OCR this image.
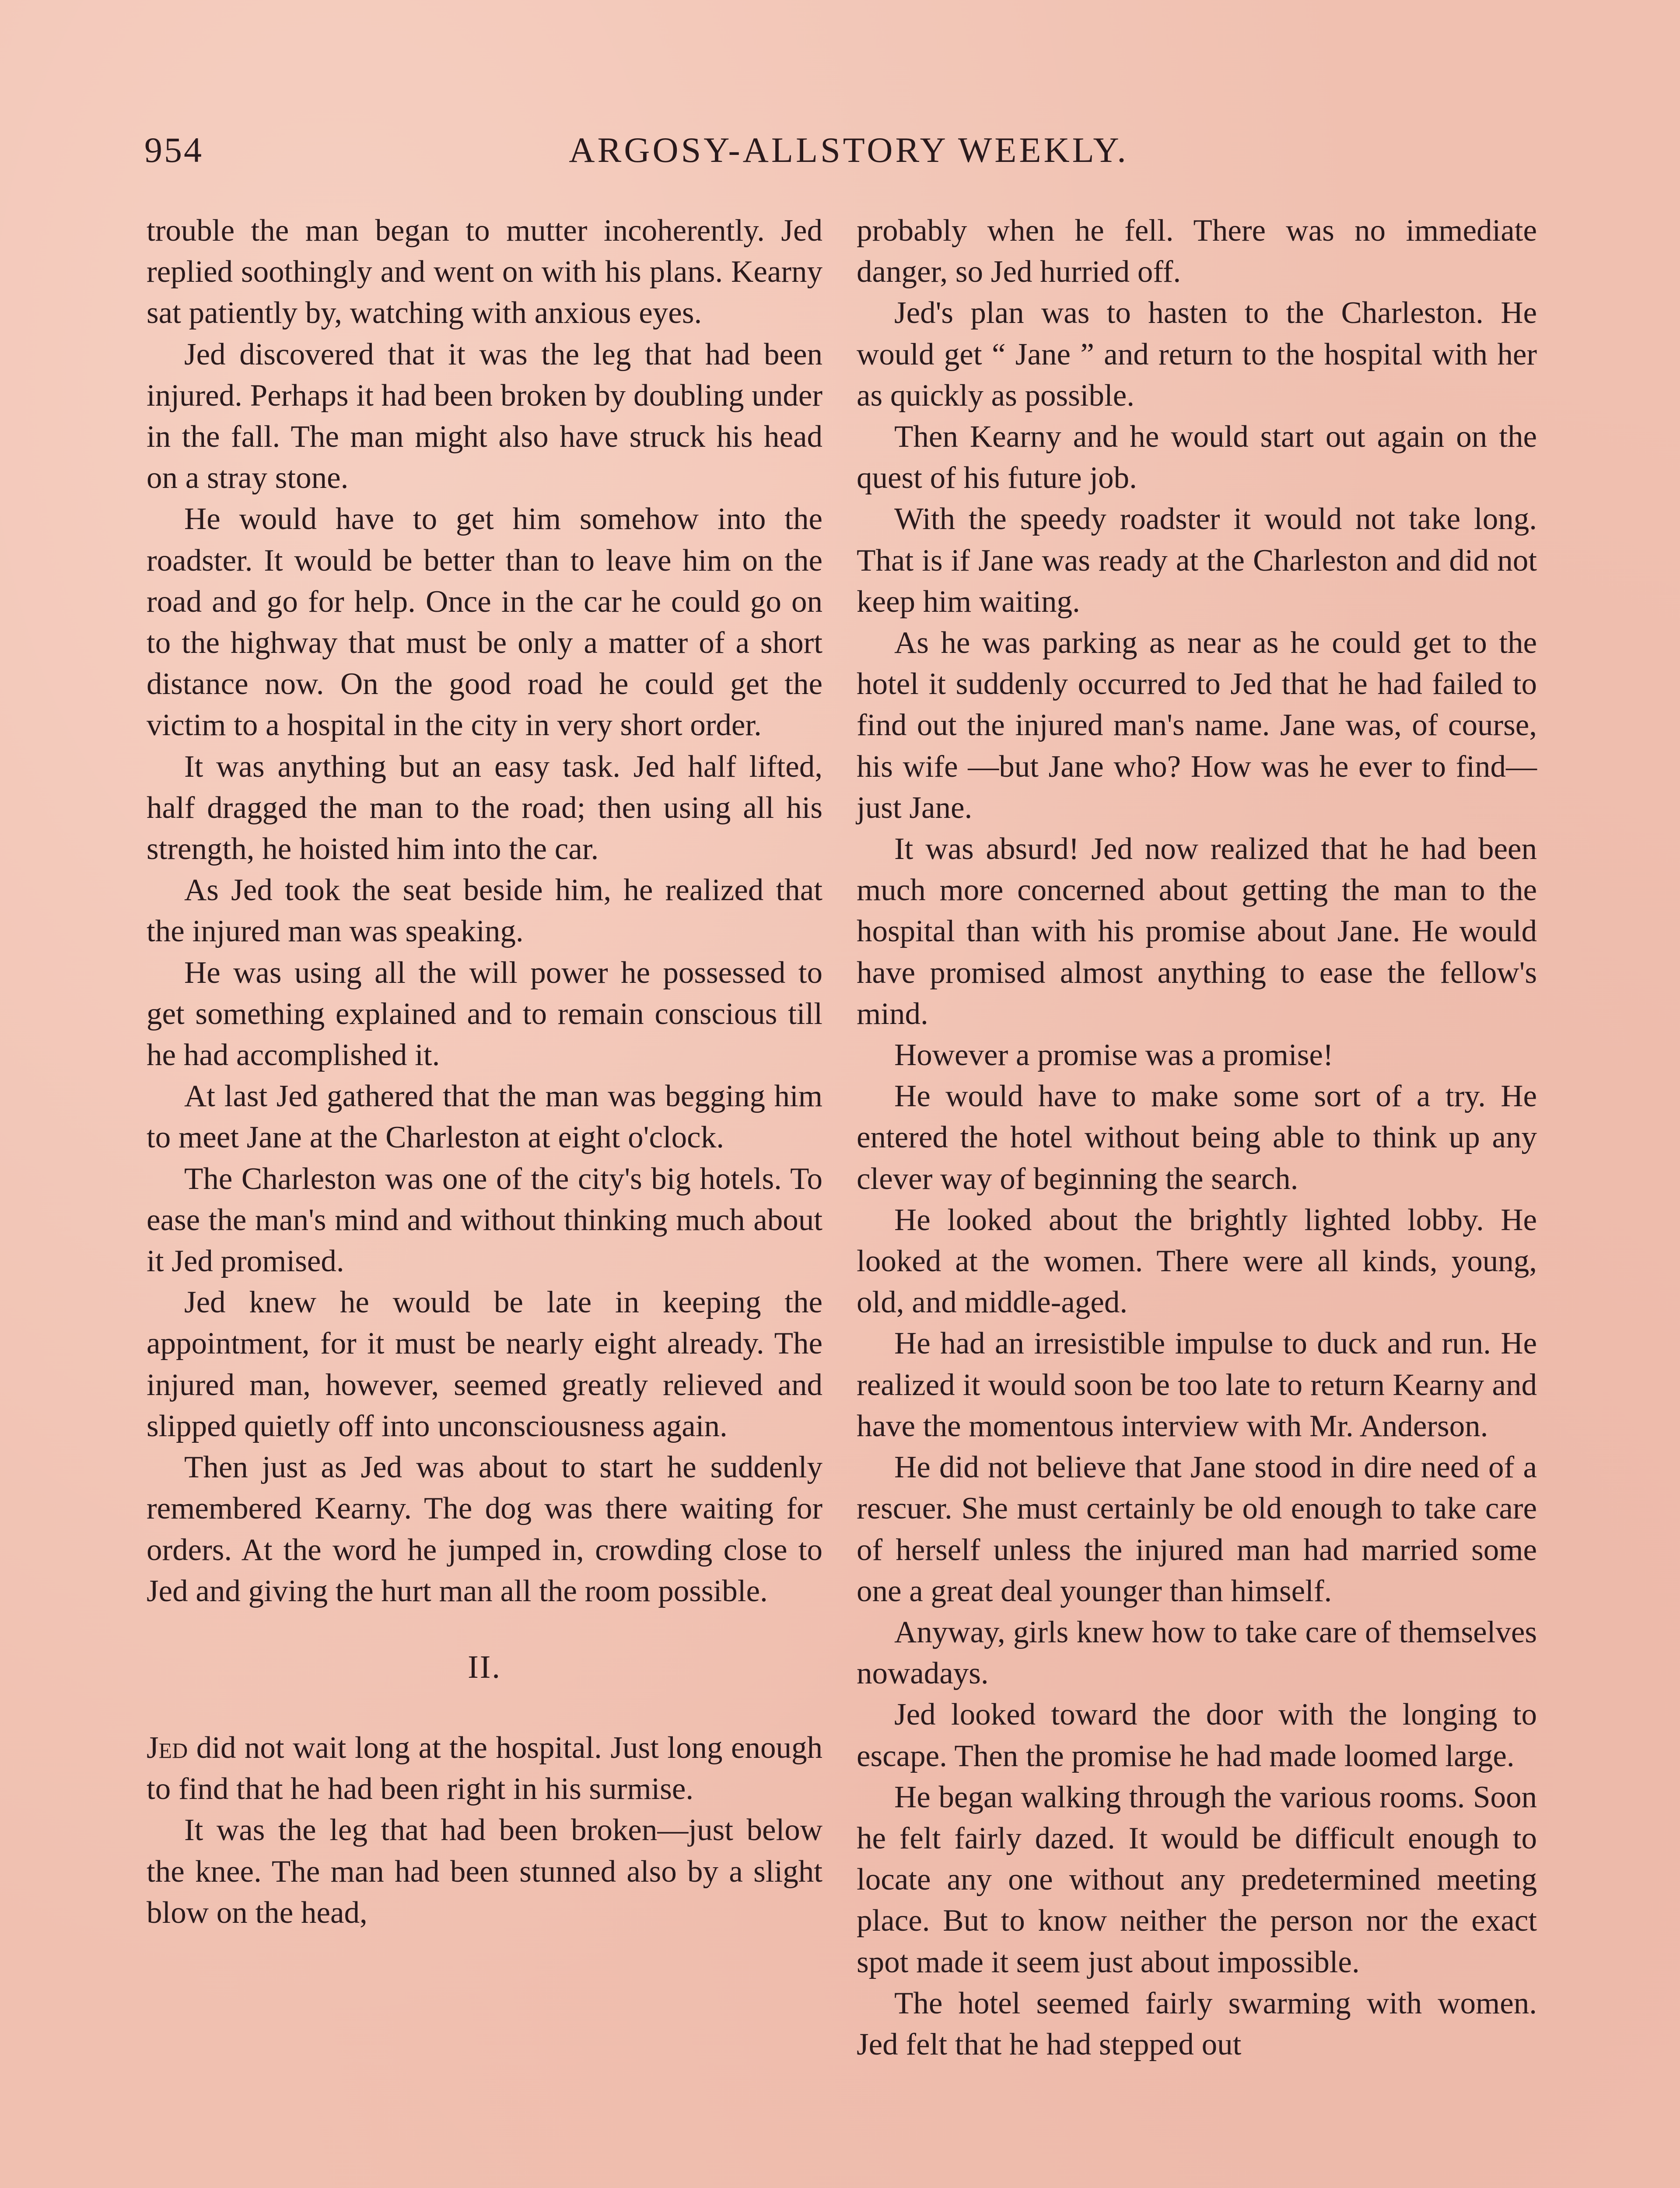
954	ARGOSY-ALLSTORY WEEKLY.

trouble the man began to mutter incoherently. Jed replied soothingly and went on with his plans. Kearny sat patiently by, watching with anxious eyes.

Jed discovered that it was the leg that had been injured. Perhaps it had been broken by doubling under in the fall. The man might also have struck his head on a stray stone.

He would have to get him somehow into the roadster. It would be better than to leave him on the road and go for help. Once in the car he could go on to the highway that must be only a matter of a short distance now. On the good road he could get the victim to a hospital in the city in very short order.

It was anything but an easy task. Jed half lifted, half dragged the man to the road; then using all his strength, he hoisted him into the car.

As Jed took the seat beside him, he realized that the injured man was speaking.

He was using all the will power he possessed to get something explained and to remain conscious till he had accomplished it.

At last Jed gathered that the man was begging him to meet Jane at the Charleston at eight o'clock.

The Charleston was one of the city's big hotels. To ease the man's mind and without thinking much about it Jed promised.

Jed knew he would be late in keeping the appointment, for it must be nearly eight already. The injured man, however, seemed greatly relieved and slipped quietly off into unconsciousness again.

Then just as Jed was about to start he suddenly remembered Kearny. The dog was there waiting for orders. At the word he jumped in, crowding close to Jed and giving the hurt man all the room possible.

II.

Jed did not wait long at the hospital. Just long enough to find that he had been right in his surmise.

It was the leg that had been broken—just below the knee. The man had been stunned also by a slight blow on the head,

probably when he fell. There was no immediate danger, so Jed hurried off.

Jed's plan was to hasten to the Charleston. He would get “ Jane ” and return to the hospital with her as quickly as possible.

Then Kearny and he would start out again on the quest of his future job.

With the speedy roadster it would not take long. That is if Jane was ready at the Charleston and did not keep him waiting.

As he was parking as near as he could get to the hotel it suddenly occurred to Jed that he had failed to find out the injured man's name. Jane was, of course, his wife —but Jane who? How was he ever to find—just Jane.

It was absurd! Jed now realized that he had been much more concerned about getting the man to the hospital than with his promise about Jane. He would have promised almost anything to ease the fellow's mind.

However a promise was a promise!

He would have to make some sort of a try. He entered the hotel without being able to think up any clever way of beginning the search.

He looked about the brightly lighted lobby. He looked at the women. There were all kinds, young, old, and middle-aged.

He had an irresistible impulse to duck and run. He realized it would soon be too late to return Kearny and have the momentous interview with Mr. Anderson.

He did not believe that Jane stood in dire need of a rescuer. She must certainly be old enough to take care of herself unless the injured man had married some one a great deal younger than himself.

Anyway, girls knew how to take care of themselves nowadays.

Jed looked toward the door with the longing to escape. Then the promise he had made loomed large.

He began walking through the various rooms. Soon he felt fairly dazed. It would be difficult enough to locate any one without any predetermined meeting place. But to know neither the person nor the exact spot made it seem just about impossible.

The hotel seemed fairly swarming with women. Jed felt that he had stepped out
